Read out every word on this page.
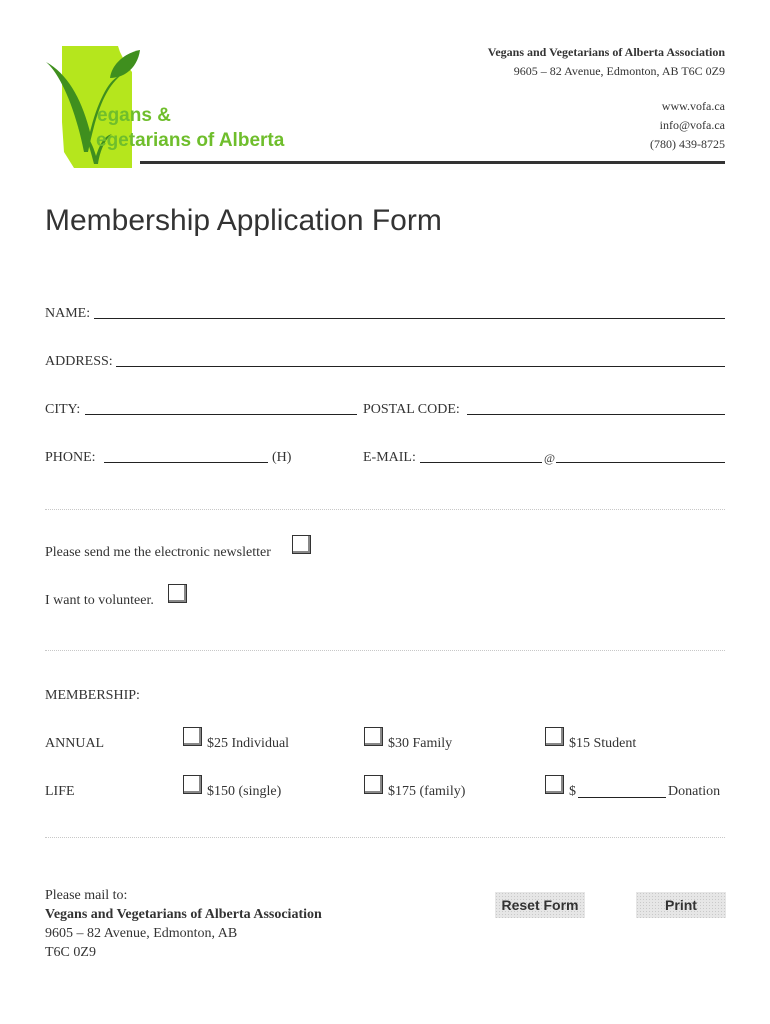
egans &
egetarians of Alberta
Vegans and Vegetarians of Alberta Association
9605 – 82 Avenue, Edmonton, AB T6C 0Z9
www.vofa.ca
info@vofa.ca
(780) 439-8725
Membership Application Form
NAME:
ADDRESS:
CITY:	POSTAL CODE:
PHONE:	(H)	E-MAIL:	@
Please send me the electronic newsletter
I want to volunteer.
MEMBERSHIP:
ANNUAL	$25 Individual	$30 Family	$15 Student
LIFE	$150 (single)	$175 (family)	$	Donation
Please mail to:
Vegans and Vegetarians of Alberta Association
9605 – 82 Avenue, Edmonton, AB
T6C 0Z9
Reset Form	Print
